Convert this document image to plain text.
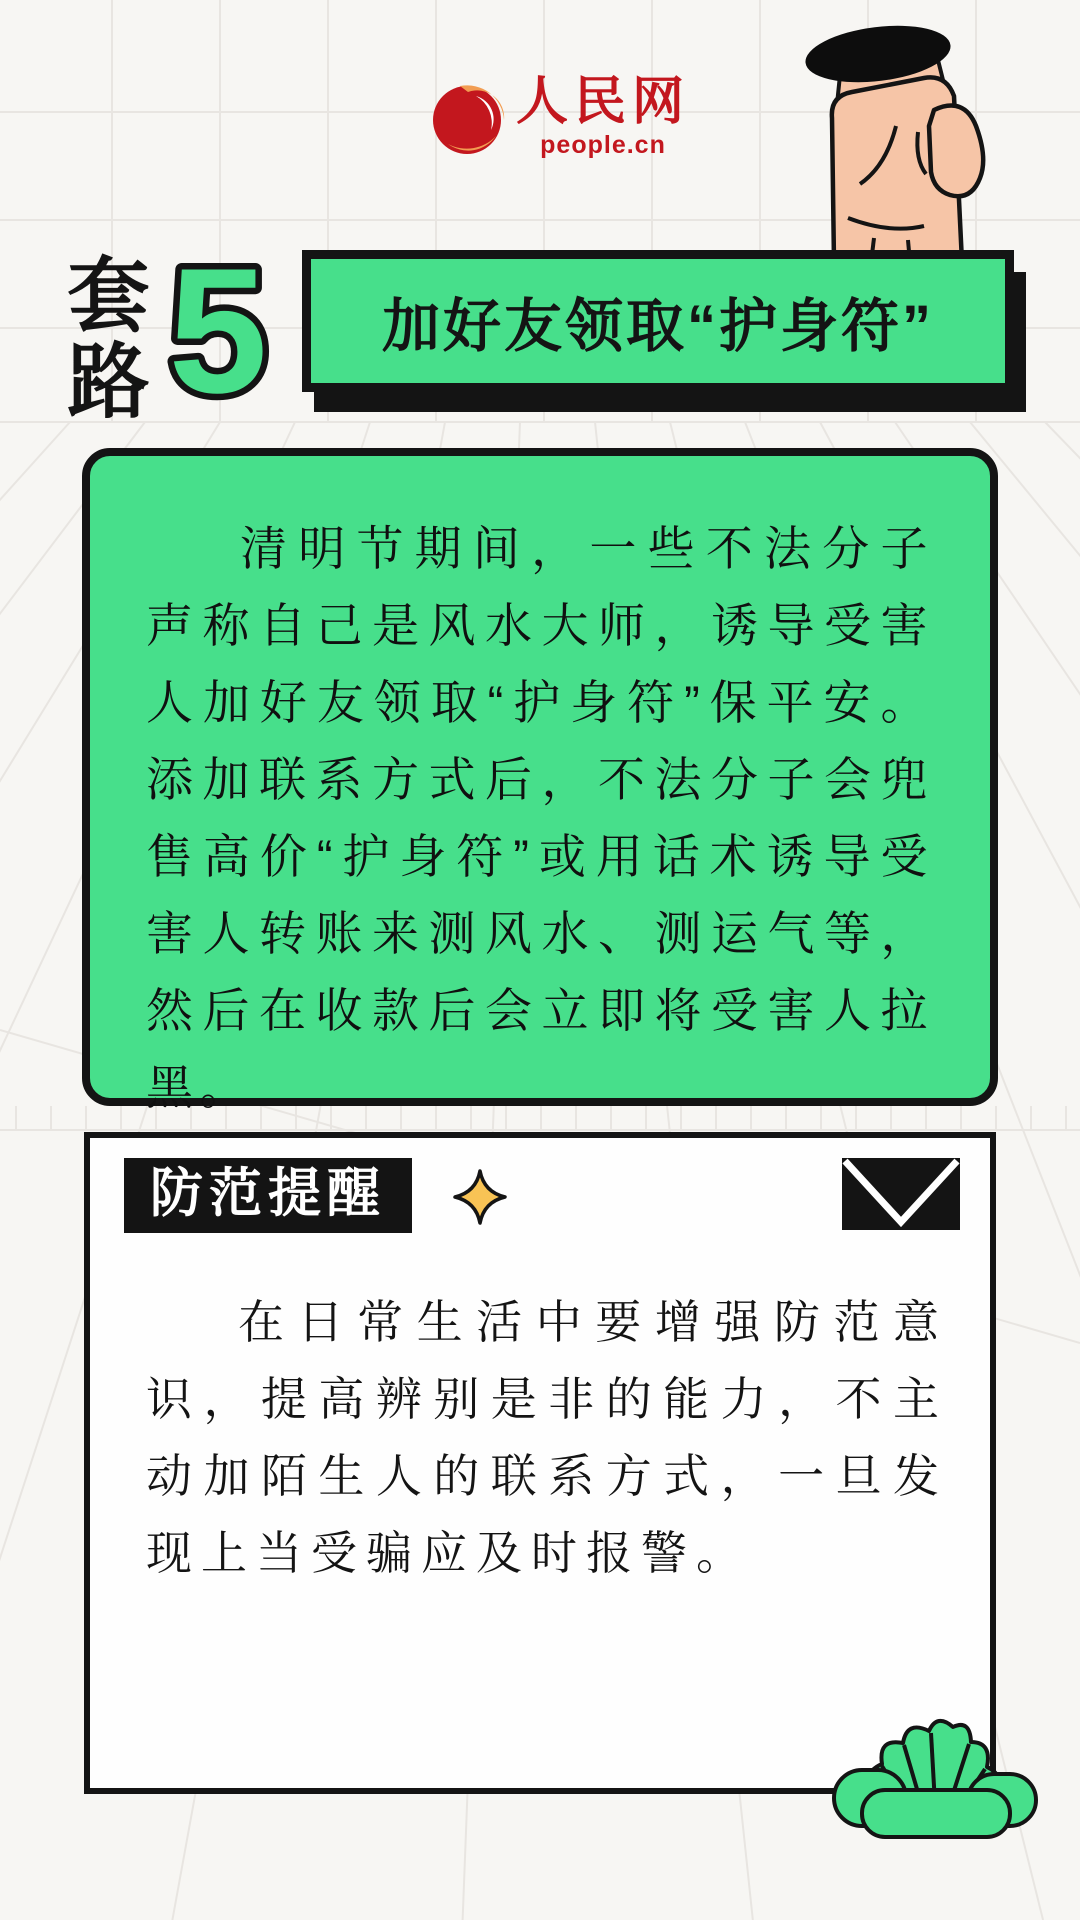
人民网
people.cn
套路 5 加好友领取“护身符”

清明节期间，一些不法分子声称自己是风水大师，诱导受害人加好友领取“护身符”保平安。添加联系方式后，不法分子会兜售高价“护身符”或用话术诱导受害人转账来测风水、测运气等，然后在收款后会立即将受害人拉黑。

防范提醒

在日常生活中要增强防范意识，提高辨别是非的能力，不主动加陌生人的联系方式，一旦发现上当受骗应及时报警。
